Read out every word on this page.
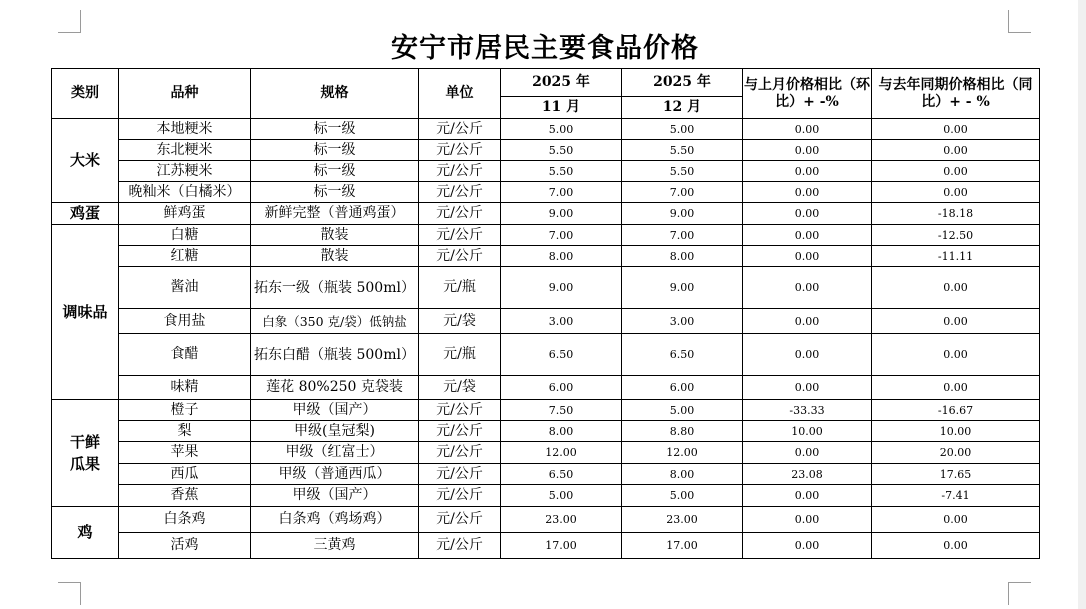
安宁市居民主要食品价格
类别	品种	规格	单位	2025 年	2025 年	与上月价格相比（环比）+ -%	与去年同期价格相比（同比）+ - %
				11 月	12 月		
大米	本地粳米	标一级	元/公斤	5.00	5.00	0.00	0.00
	东北粳米	标一级	元/公斤	5.50	5.50	0.00	0.00
	江苏粳米	标一级	元/公斤	5.50	5.50	0.00	0.00
	晚籼米（白橘米）	标一级	元/公斤	7.00	7.00	0.00	0.00
鸡蛋	鲜鸡蛋	新鲜完整（普通鸡蛋）	元/公斤	9.00	9.00	0.00	-18.18
调味品	白糖	散装	元/公斤	7.00	7.00	0.00	-12.50
	红糖	散装	元/公斤	8.00	8.00	0.00	-11.11
	酱油	拓东一级（瓶装 500ml）	元/瓶	9.00	9.00	0.00	0.00
	食用盐	白象（350 克/袋）低钠盐	元/袋	3.00	3.00	0.00	0.00
	食醋	拓东白醋（瓶装 500ml）	元/瓶	6.50	6.50	0.00	0.00
	味精	莲花 80%250 克袋装	元/袋	6.00	6.00	0.00	0.00
干鲜瓜果	橙子	甲级（国产）	元/公斤	7.50	5.00	-33.33	-16.67
	梨	甲级(皇冠梨)	元/公斤	8.00	8.80	10.00	10.00
	苹果	甲级（红富士）	元/公斤	12.00	12.00	0.00	20.00
	西瓜	甲级（普通西瓜）	元/公斤	6.50	8.00	23.08	17.65
	香蕉	甲级（国产）	元/公斤	5.00	5.00	0.00	-7.41
鸡	白条鸡	白条鸡（鸡场鸡）	元/公斤	23.00	23.00	0.00	0.00
	活鸡	三黄鸡	元/公斤	17.00	17.00	0.00	0.00
